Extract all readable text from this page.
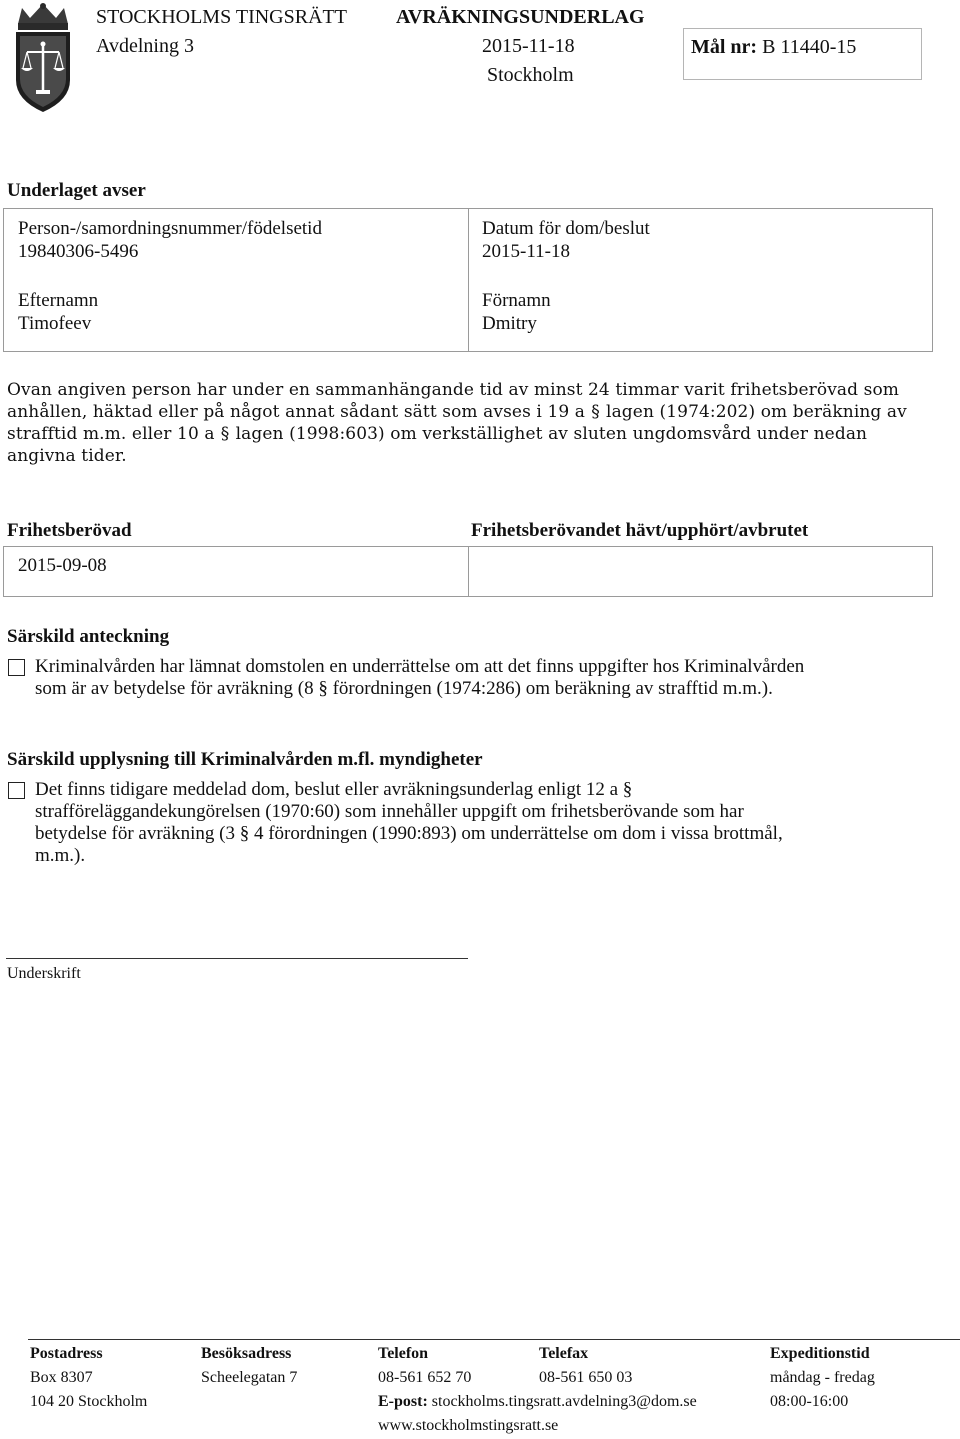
STOCKHOLMS TINGSRÄTT AVRÄKNINGSUNDERLAG
Avdelning 3	2015-11-18
Stockholm
Mål nr: B 11440-15
Underlaget avser
Person-/samordningsnummer/födelsetid
19840306-5496
Datum för dom/beslut
2015-11-18
Efternamn
Timofeev
Förnamn
Dmitry
Ovan angiven person har under en sammanhängande tid av minst 24 timmar varit frihetsberövad som
anhållen, häktad eller på något annat sådant sätt som avses i 19 a § lagen (1974:202) om beräkning av
strafftid m.m. eller 10 a § lagen (1998:603) om verkställighet av sluten ungdomsvård under nedan
angivna tider.
Frihetsberövad	Frihetsberövandet hävt/upphört/avbrutet
2015-09-08
Särskild anteckning
Kriminalvården har lämnat domstolen en underrättelse om att det finns uppgifter hos Kriminalvården
som är av betydelse för avräkning (8 § förordningen (1974:286) om beräkning av strafftid m.m.).
Särskild upplysning till Kriminalvården m.fl. myndigheter
Det finns tidigare meddelad dom, beslut eller avräkningsunderlag enligt 12 a §
strafföreläggandekungörelsen (1970:60) som innehåller uppgift om frihetsberövande som har
betydelse för avräkning (3 § 4 förordningen (1990:893) om underrättelse om dom i vissa brottmål,
m.m.).
Underskrift
Postadress
Box 8307
104 20 Stockholm
Besöksadress
Scheelegatan 7
Telefon
08-561 652 70
E-post: stockholms.tingsratt.avdelning3@dom.se
www.stockholmstingsratt.se
Telefax
08-561 650 03
Expeditionstid
måndag - fredag
08:00-16:00
